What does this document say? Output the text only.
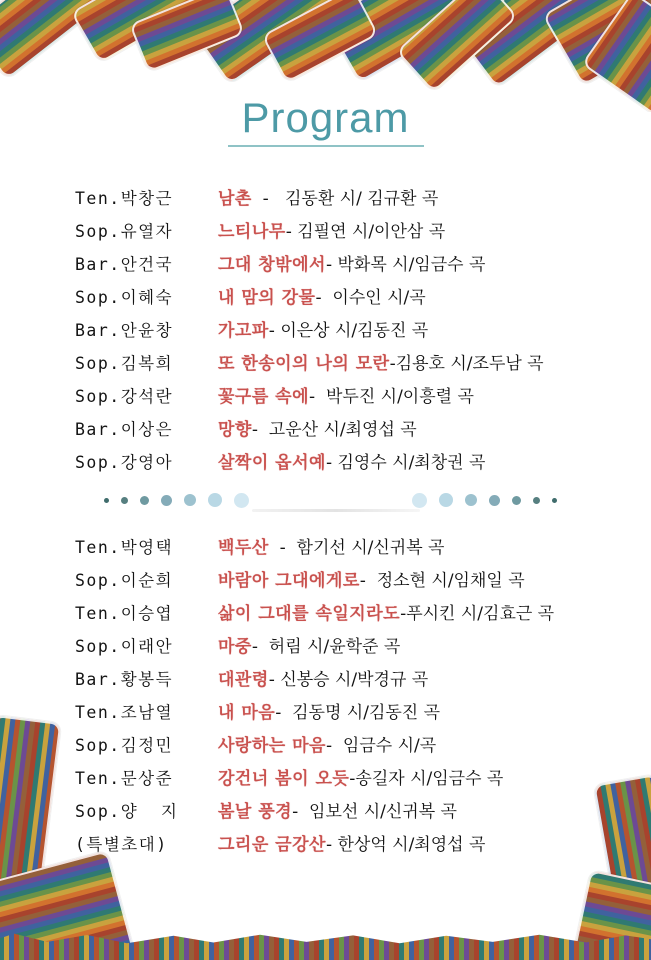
Program
Ten.박창근	남촌 -   김동환 시/ 김규환 곡
Sop.유열자	느티나무 - 김필연 시/이안삼 곡
Bar.안건국	그대 창밖에서 - 박화목 시/임금수 곡
Sop.이혜숙	내 맘의 강물 -  이수인 시/곡
Bar.안윤창	가고파 - 이은상 시/김동진 곡
Sop.김복희	또 한송이의 나의 모란 -김용호 시/조두남 곡
Sop.강석란	꽃구름 속에 -  박두진 시/이흥렬 곡
Bar.이상은	망향 -  고운산 시/최영섭 곡
Sop.강영아	살짝이 옵서예 - 김영수 시/최창권 곡
Ten.박영택	백두산 -  함기선 시/신귀복 곡
Sop.이순희	바람아 그대에게로 -  정소현 시/임채일 곡
Ten.이승엽	삶이 그대를 속일지라도 -푸시킨 시/김효근 곡
Sop.이래안	마중 -  허림 시/윤학준 곡
Bar.황봉득	대관령 - 신봉승 시/박경규 곡
Ten.조남열	내 마음 -  김동명 시/김동진 곡
Sop.김정민	사랑하는 마음 -  임금수 시/곡
Ten.문상준	강건너 봄이 오듯 -송길자 시/임금수 곡
Sop.양  지	봄날 풍경 -  임보선 시/신귀복 곡
(특별초대)	그리운 금강산 - 한상억 시/최영섭 곡
